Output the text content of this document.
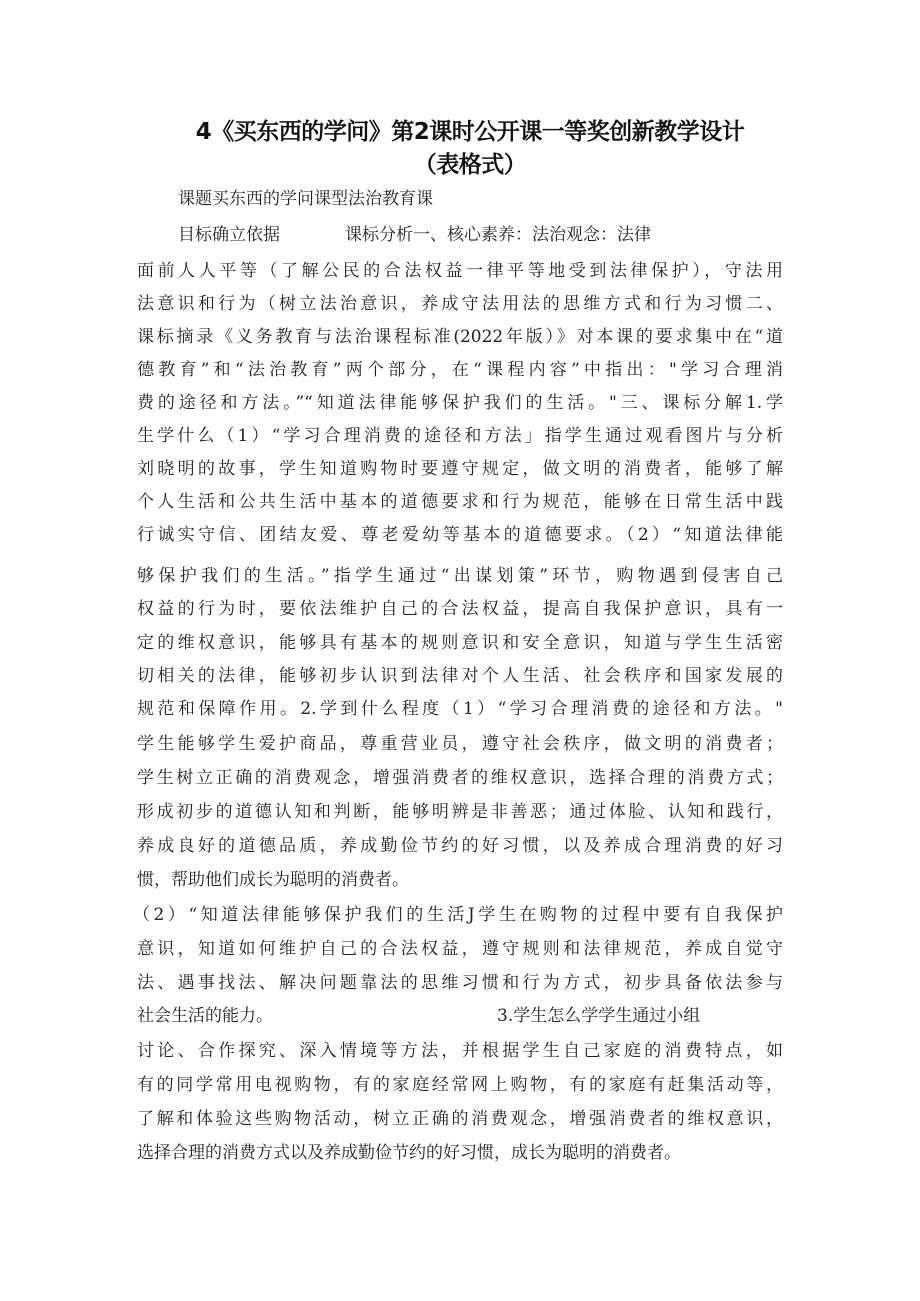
4《买东西的学问》第2课时公开课一等奖创新教学设计
（表格式）
课题买东西的学问课型法治教育课
目标确立依据	课标分析一、核心素养：法治观念：法律
面前人人平等（了解公民的合法权益一律平等地受到法律保护），守法用
法意识和行为（树立法治意识，养成守法用法的思维方式和行为习惯二、
课标摘录《义务教育与法治课程标准(2022年版）》对本课的要求集中在“道
德教育”和“法治教育”两个部分，在“课程内容”中指出："学习合理消
费的途径和方法。”“知道法律能够保护我们的生活。"三、课标分解1.学
生学什么（1）“学习合理消费的途径和方法」指学生通过观看图片与分析
刘晓明的故事，学生知道购物时要遵守规定，做文明的消费者，能够了解
个人生活和公共生活中基本的道德要求和行为规范，能够在日常生活中践
行诚实守信、团结友爱、尊老爱幼等基本的道德要求。（2）“知道法律能
够保护我们的生活。”指学生通过“出谋划策”环节，购物遇到侵害自己
权益的行为时，要依法维护自己的合法权益，提高自我保护意识，具有一
定的维权意识，能够具有基本的规则意识和安全意识，知道与学生生活密
切相关的法律，能够初步认识到法律对个人生活、社会秩序和国家发展的
规范和保障作用。2.学到什么程度（1）“学习合理消费的途径和方法。"
学生能够学生爱护商品，尊重营业员，遵守社会秩序，做文明的消费者；
学生树立正确的消费观念，增强消费者的维权意识，选择合理的消费方式；
形成初步的道德认知和判断，能够明辨是非善恶；通过体脸、认知和践行，
养成良好的道德品质，养成勤俭节约的好习惯，以及养成合理消费的好习
惯，帮助他们成长为聪明的消费者。
（2）“知道法律能够保护我们的生活J学生在购物的过程中要有自我保护
意识，知道如何维护自己的合法权益，遵守规则和法律规范，养成自觉守
法、遇事找法、解决问题靠法的思维习惯和行为方式，初步具备依法参与
社会生活的能力。	3.学生怎么学学生通过小组
讨论、合作探究、深入情境等方法，并根据学生自己家庭的消费特点，如
有的同学常用电视购物，有的家庭经常网上购物，有的家庭有赶集活动等，
了解和体验这些购物活动，树立正确的消费观念，增强消费者的维权意识，
选择合理的消费方式以及养成勤俭节约的好习惯，成长为聪明的消费者。
